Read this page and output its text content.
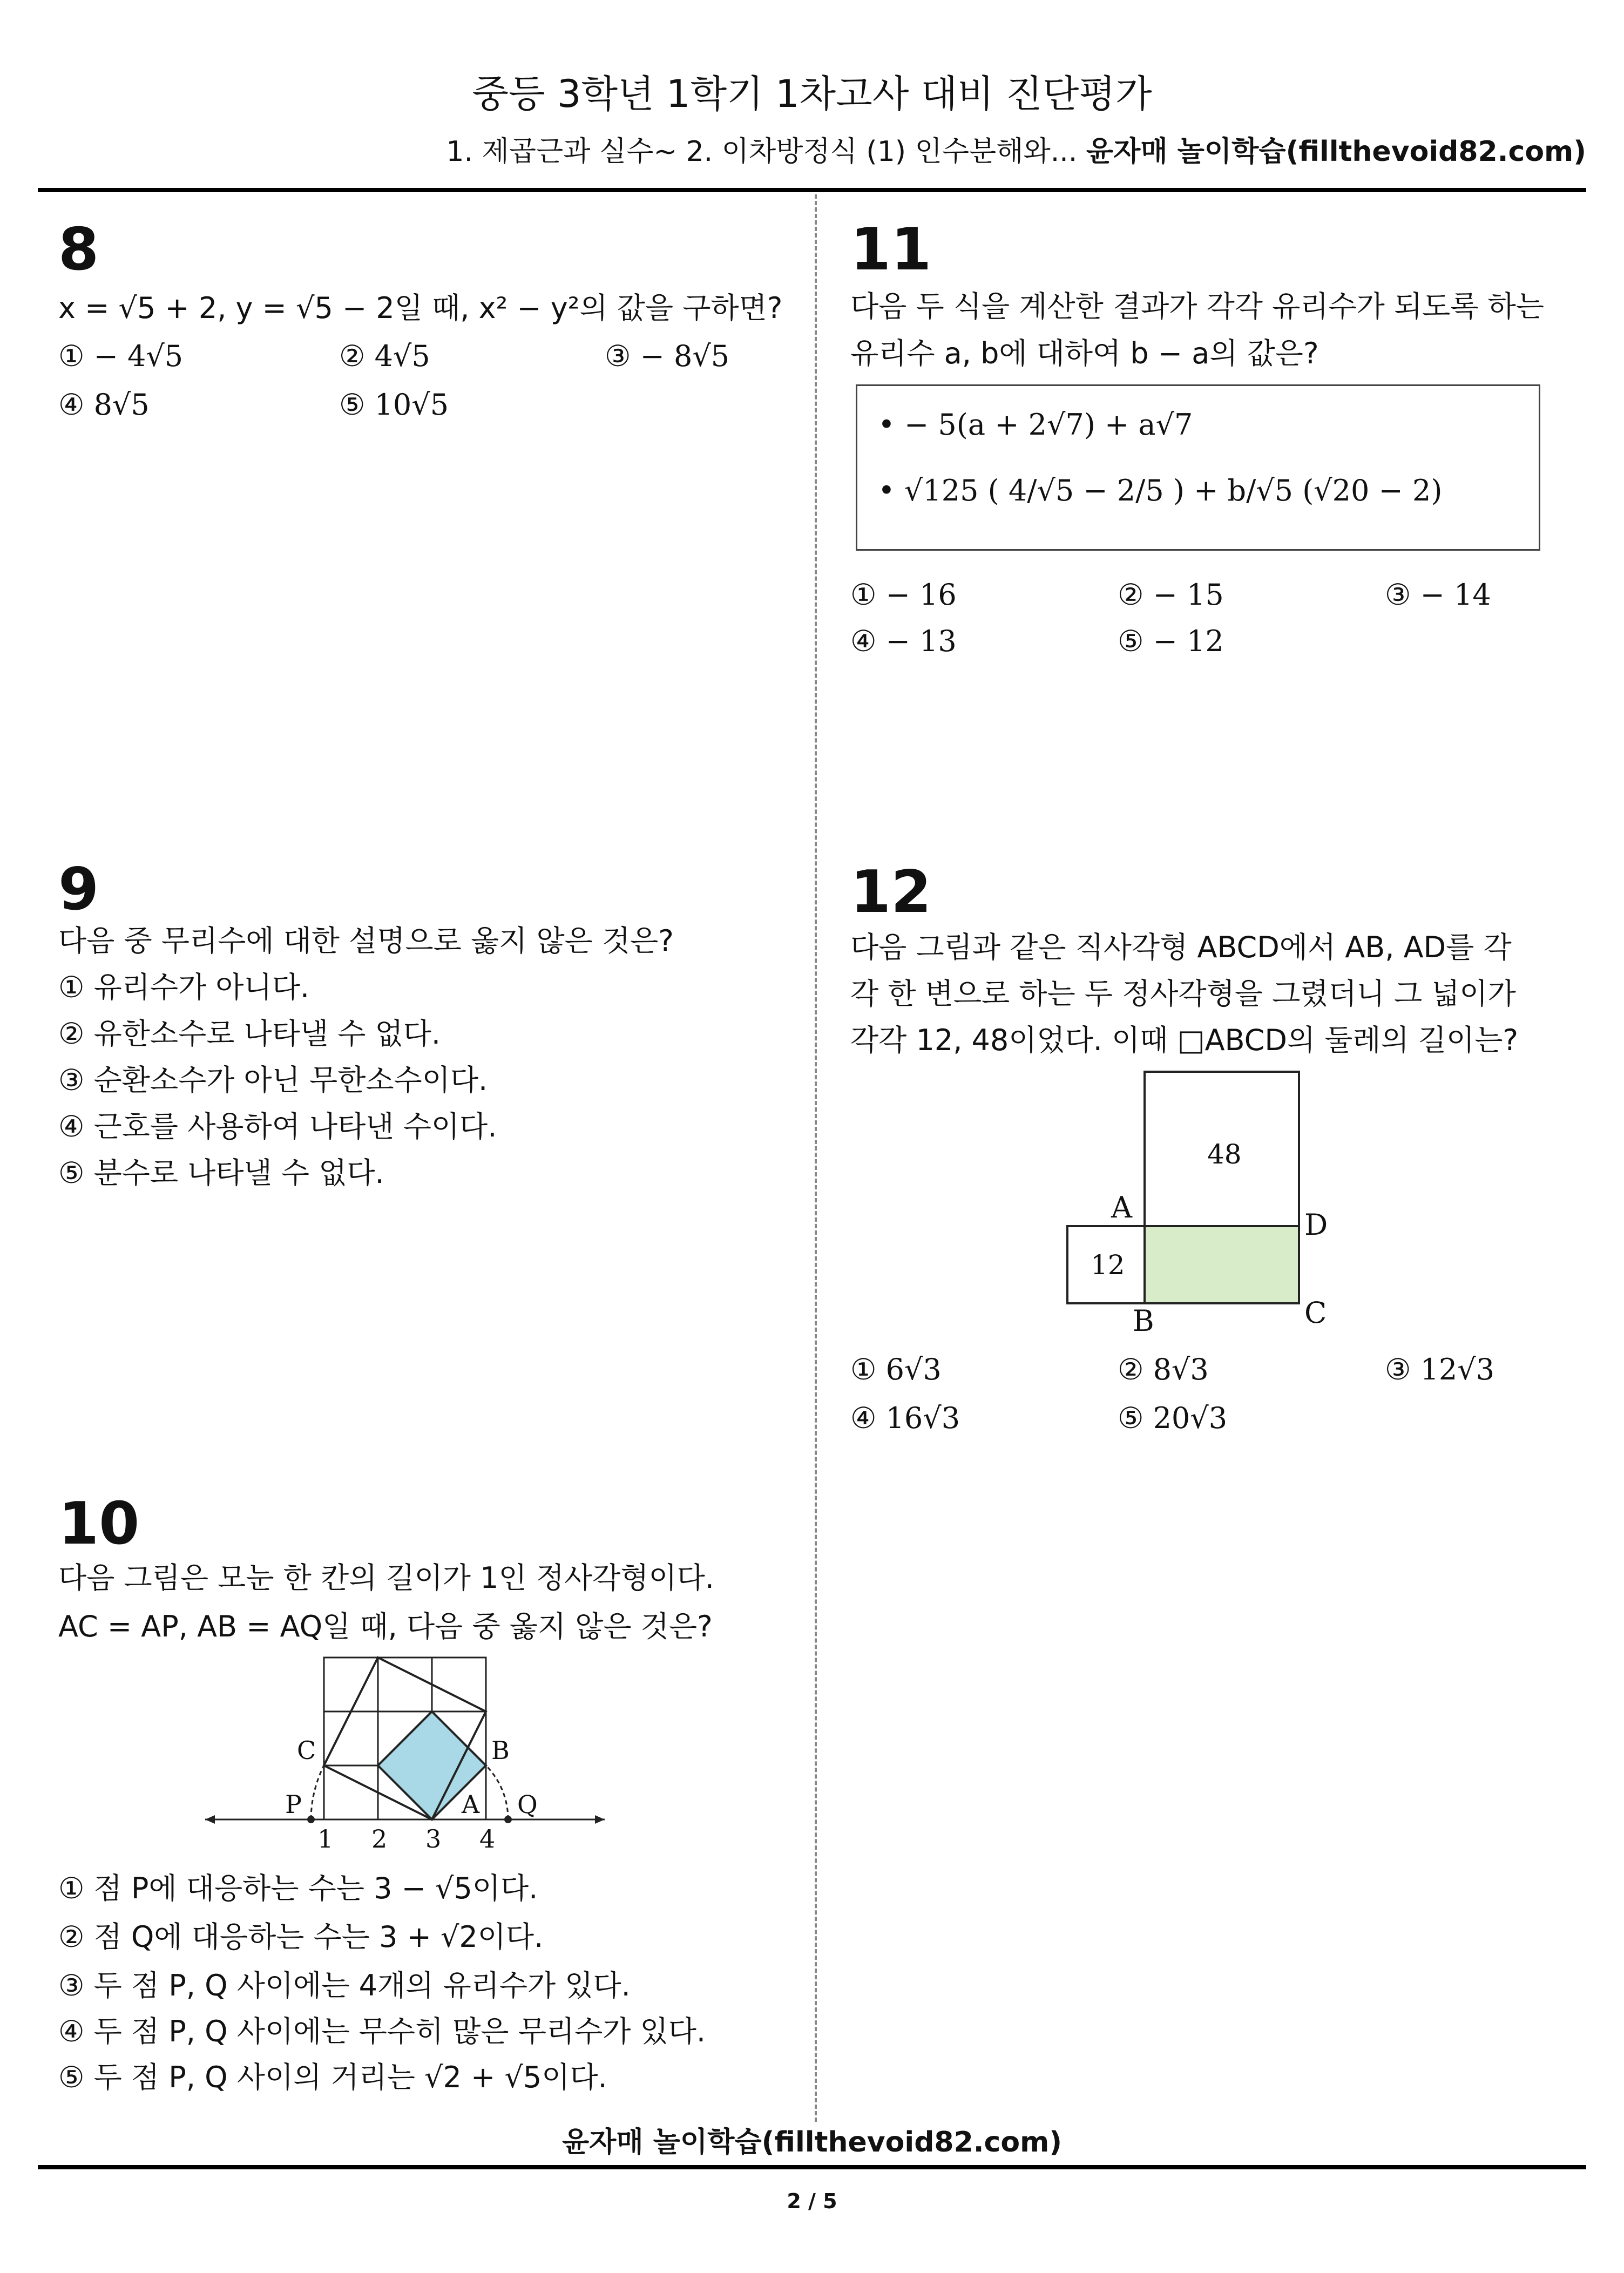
중등 3학년 1학기 1차고사 대비 진단평가
1. 제곱근과 실수~ 2. 이차방정식 (1) 인수분해와... 윤자매 놀이학습(fillthevoid82.com)
8
x = √5 + 2, y = √5 − 2일 때, x² − y²의 값을 구하면?
① − 4√5	② 4√5	③ − 8√5
④ 8√5	⑤ 10√5
9
다음 중 무리수에 대한 설명으로 옳지 않은 것은?
① 유리수가 아니다.
② 유한소수로 나타낼 수 없다.
③ 순환소수가 아닌 무한소수이다.
④ 근호를 사용하여 나타낸 수이다.
⑤ 분수로 나타낼 수 없다.
10
다음 그림은 모눈 한 칸의 길이가 1인 정사각형이다.
AC = AP, AB = AQ일 때, 다음 중 옳지 않은 것은?
C	B
P	A Q
1 2 3 4
① 점 P에 대응하는 수는 3 − √5이다.
② 점 Q에 대응하는 수는 3 + √2이다.
③ 두 점 P, Q 사이에는 4개의 유리수가 있다.
④ 두 점 P, Q 사이에는 무수히 많은 무리수가 있다.
⑤ 두 점 P, Q 사이의 거리는 √2 + √5이다.
11
다음 두 식을 계산한 결과가 각각 유리수가 되도록 하는
유리수 a, b에 대하여 b − a의 값은?
• − 5(a + 2√7) + a√7
• √125 ( 4/√5 − 2/5 ) + b/√5 (√20 − 2)
① − 16	② − 15	③ − 14
④ − 13	⑤ − 12
12
다음 그림과 같은 직사각형 ABCD에서 AB, AD를 각
각 한 변으로 하는 두 정사각형을 그렸더니 그 넓이가
각각 12, 48이었다. 이때 □ABCD의 둘레의 길이는?
48
12
A
D
B	C
① 6√3	② 8√3	③ 12√3
④ 16√3	⑤ 20√3
윤자매 놀이학습(fillthevoid82.com)
2 / 5
